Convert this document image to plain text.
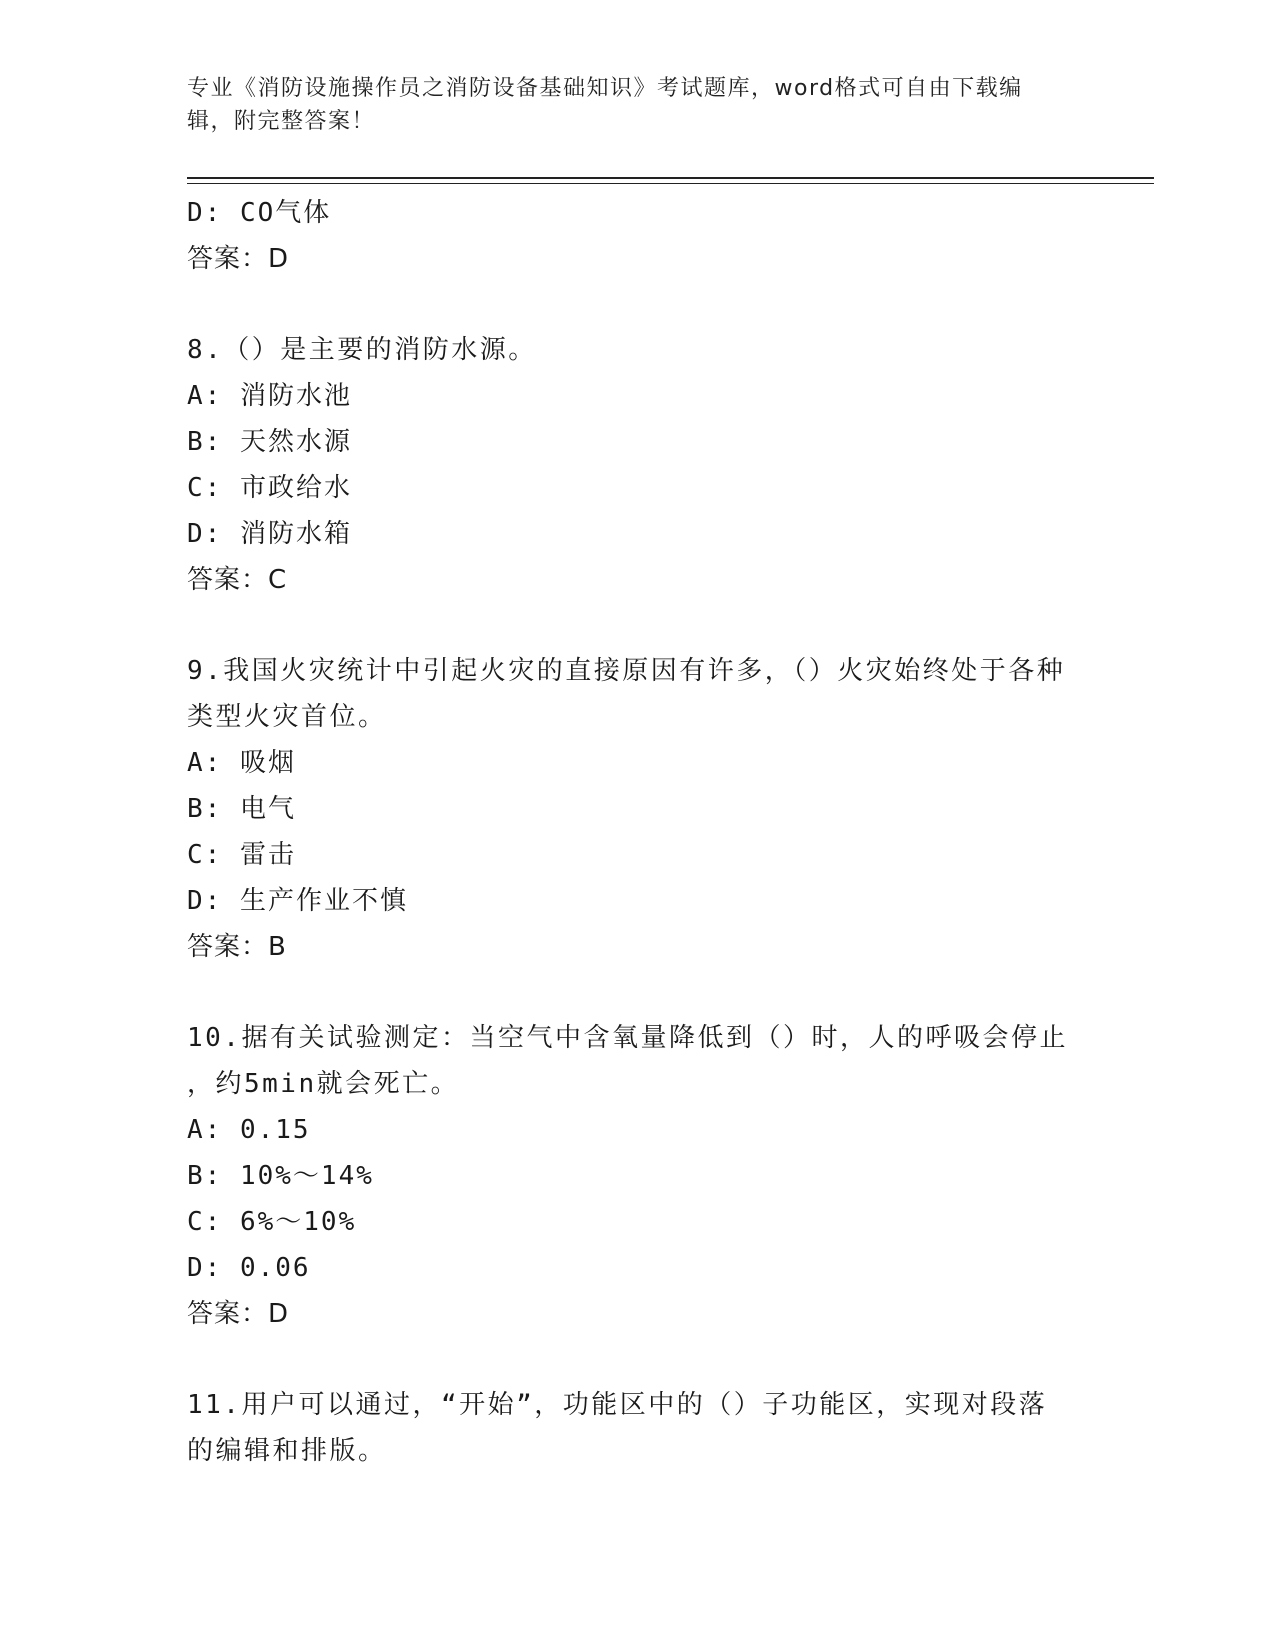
专业《消防设施操作员之消防设备基础知识》考试题库，word格式可自由下载编
辑，附完整答案！
D: CO气体
答案：D
8.（）是主要的消防水源。
A: 消防水池
B: 天然水源
C: 市政给水
D: 消防水箱
答案：C
9.我国火灾统计中引起火灾的直接原因有许多，（）火灾始终处于各种
类型火灾首位。
A: 吸烟
B: 电气
C: 雷击
D: 生产作业不慎
答案：B
10.据有关试验测定：当空气中含氧量降低到（）时，人的呼吸会停止
，约5min就会死亡。
A: 0.15
B: 10%～14%
C: 6%～10%
D: 0.06
答案：D
11.用户可以通过，“开始”，功能区中的（）子功能区，实现对段落
的编辑和排版。
